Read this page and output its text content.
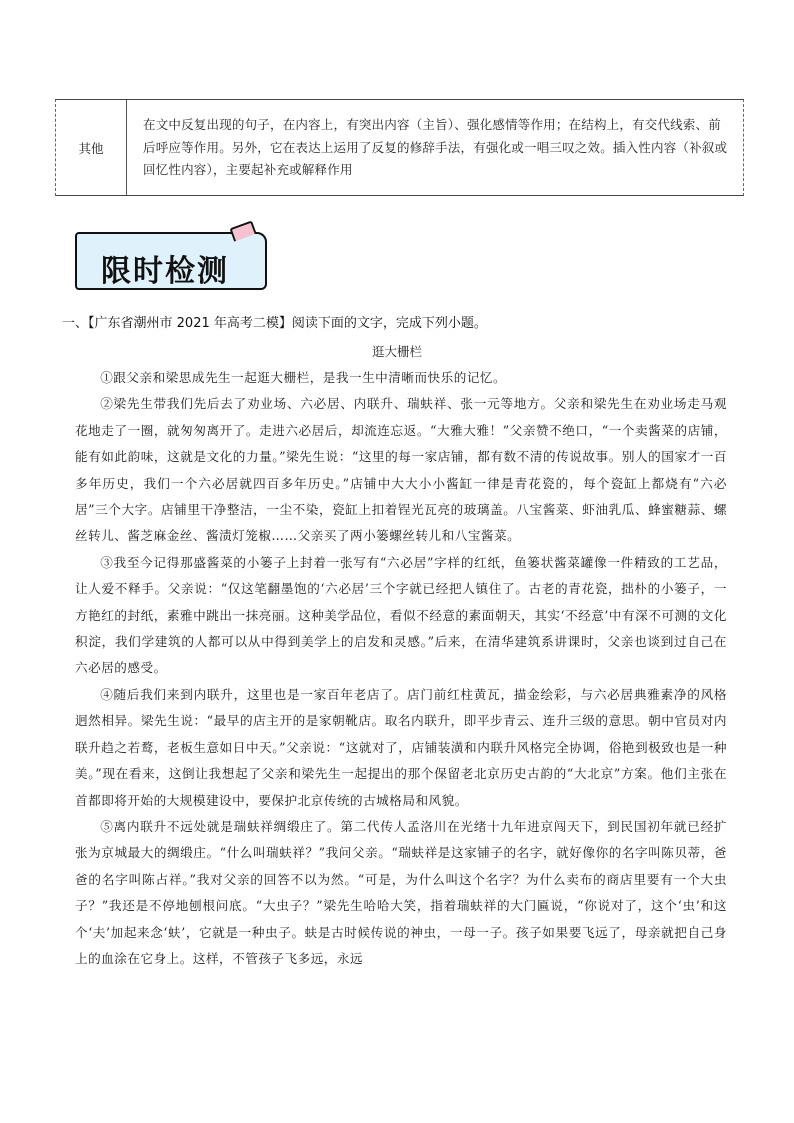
其他
在文中反复出现的句子，在内容上，有突出内容（主旨）、强化感情等作用；在结构上，有交代线索、前后呼应等作用。另外，它在表达上运用了反复的修辞手法，有强化或一唱三叹之效。插入性内容（补叙或回忆性内容），主要起补充或解释作用
限时检测
一、【广东省潮州市 2021 年高考二模】阅读下面的文字，完成下列小题。
逛大栅栏

①跟父亲和梁思成先生一起逛大栅栏，是我一生中清晰而快乐的记忆。

②梁先生带我们先后去了劝业场、六必居、内联升、瑞蚨祥、张一元等地方。父亲和梁先生在劝业场走马观花地走了一圈，就匆匆离开了。走进六必居后，却流连忘返。“大雅大雅！”父亲赞不绝口，“一个卖酱菜的店铺，能有如此韵味，这就是文化的力量。”梁先生说：“这里的每一家店铺，都有数不清的传说故事。别人的国家才一百多年历史，我们一个六必居就四百多年历史。”店铺中大大小小酱缸一律是青花瓷的，每个瓷缸上都烧有“六必居”三个大字。店铺里干净整洁，一尘不染，瓷缸上扣着锃光瓦亮的玻璃盖。八宝酱菜、虾油乳瓜、蜂蜜糖蒜、螺丝转儿、酱芝麻金丝、酱渍灯笼椒……父亲买了两小篓螺丝转儿和八宝酱菜。

③我至今记得那盛酱菜的小篓子上封着一张写有“六必居”字样的红纸，鱼篓状酱菜罐像一件精致的工艺品，让人爱不释手。父亲说：“仅这笔翻墨饱的‘六必居’三个字就已经把人镇住了。古老的青花瓷，拙朴的小篓子，一方艳红的封纸，素雅中跳出一抹亮丽。这种美学品位，看似不经意的素面朝天，其实‘不经意’中有深不可测的文化积淀，我们学建筑的人都可以从中得到美学上的启发和灵感。”后来，在清华建筑系讲课时，父亲也谈到过自己在六必居的感受。

④随后我们来到内联升，这里也是一家百年老店了。店门前红柱黄瓦，描金绘彩，与六必居典雅素净的风格迥然相异。梁先生说：“最早的店主开的是家朝靴店。取名内联升，即平步青云、连升三级的意思。朝中官员对内联升趋之若鹜，老板生意如日中天。”父亲说：“这就对了，店铺装潢和内联升风格完全协调，俗艳到极致也是一种美。”现在看来，这倒让我想起了父亲和梁先生一起提出的那个保留老北京历史古韵的“大北京”方案。他们主张在首都即将开始的大规模建设中，要保护北京传统的古城格局和风貌。

⑤离内联升不远处就是瑞蚨祥绸缎庄了。第二代传人孟洛川在光绪十九年进京闯天下，到民国初年就已经扩张为京城最大的绸缎庄。“什么叫瑞蚨祥？”我问父亲。“瑞蚨祥是这家铺子的名字，就好像你的名字叫陈贝蒂，爸爸的名字叫陈占祥。”我对父亲的回答不以为然。“可是，为什么叫这个名字？为什么卖布的商店里要有一个大虫子？”我还是不停地刨根问底。“大虫子？”梁先生哈哈大笑，指着瑞蚨祥的大门匾说，“你说对了，这个‘虫’和这个‘夫’加起来念‘蚨’，它就是一种虫子。蚨是古时候传说的神虫，一母一子。孩子如果要飞远了，母亲就把自己身上的血涂在它身上。这样，不管孩子飞多远，永远
